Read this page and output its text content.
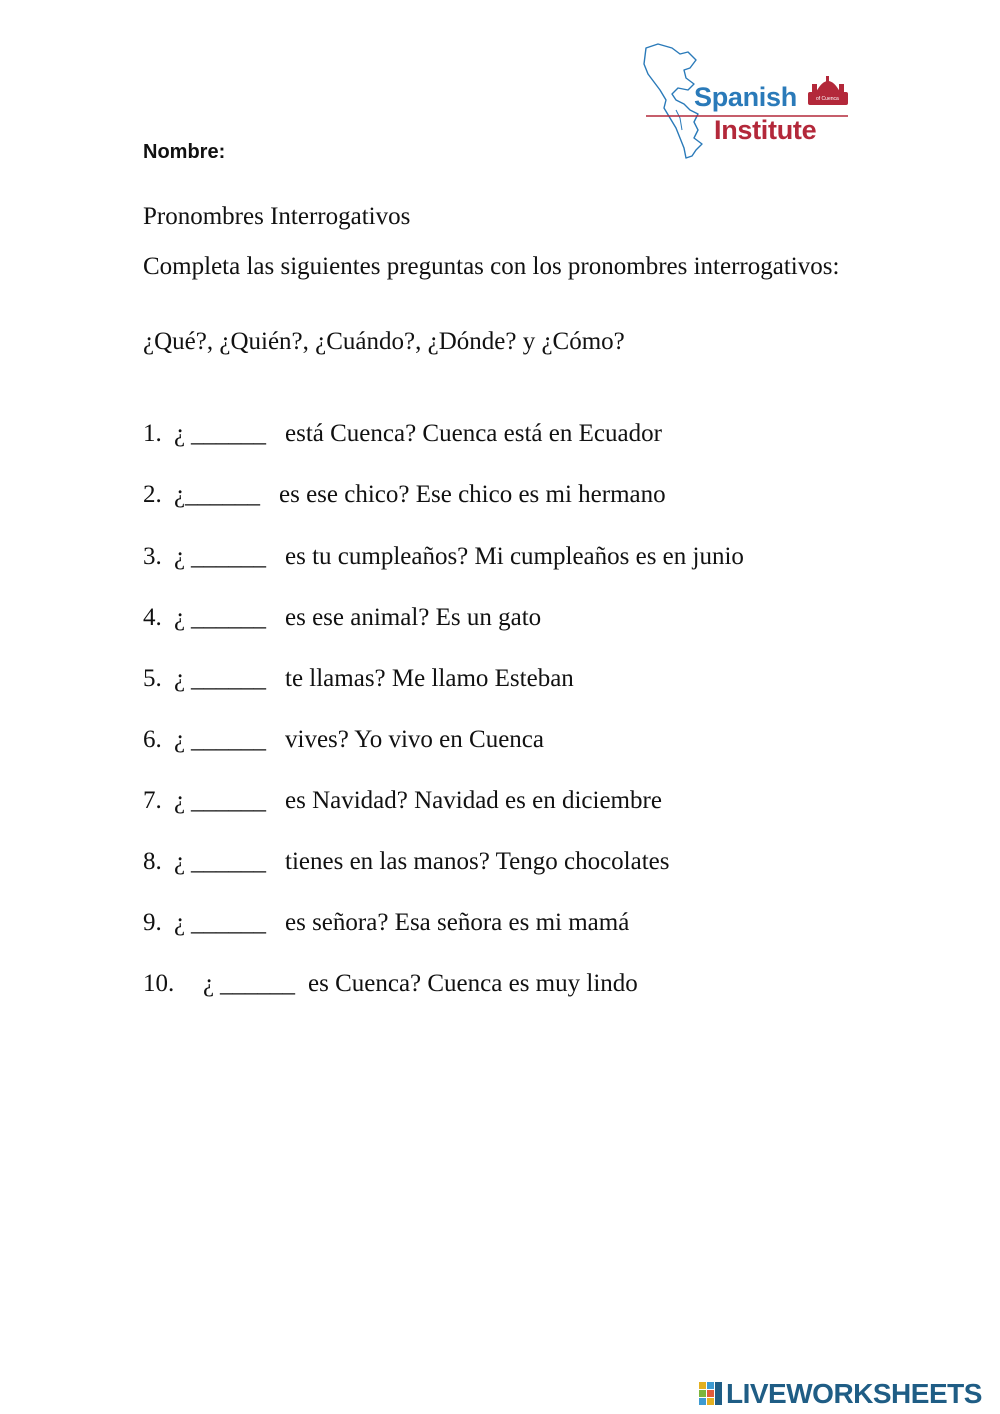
Spanish
Institute
of Cuenca
Nombre:
Pronombres Interrogativos
Completa las siguientes preguntas con los pronombres interrogativos:
¿Qué?, ¿Quién?, ¿Cuándo?, ¿Dónde? y ¿Cómo?
1. ¿ ______ está Cuenca? Cuenca está en Ecuador
2. ¿______ es ese chico? Ese chico es mi hermano
3. ¿ ______ es tu cumpleaños? Mi cumpleaños es en junio
4. ¿ ______ es ese animal? Es un gato
5. ¿ ______ te llamas? Me llamo Esteban
6. ¿ ______ vives? Yo vivo en Cuenca
7. ¿ ______ es Navidad? Navidad es en diciembre
8. ¿ ______ tienes en las manos? Tengo chocolates
9. ¿ ______ es señora? Esa señora es mi mamá
10. ¿ ______ es Cuenca? Cuenca es muy lindo
LIVEWORKSHEETS
